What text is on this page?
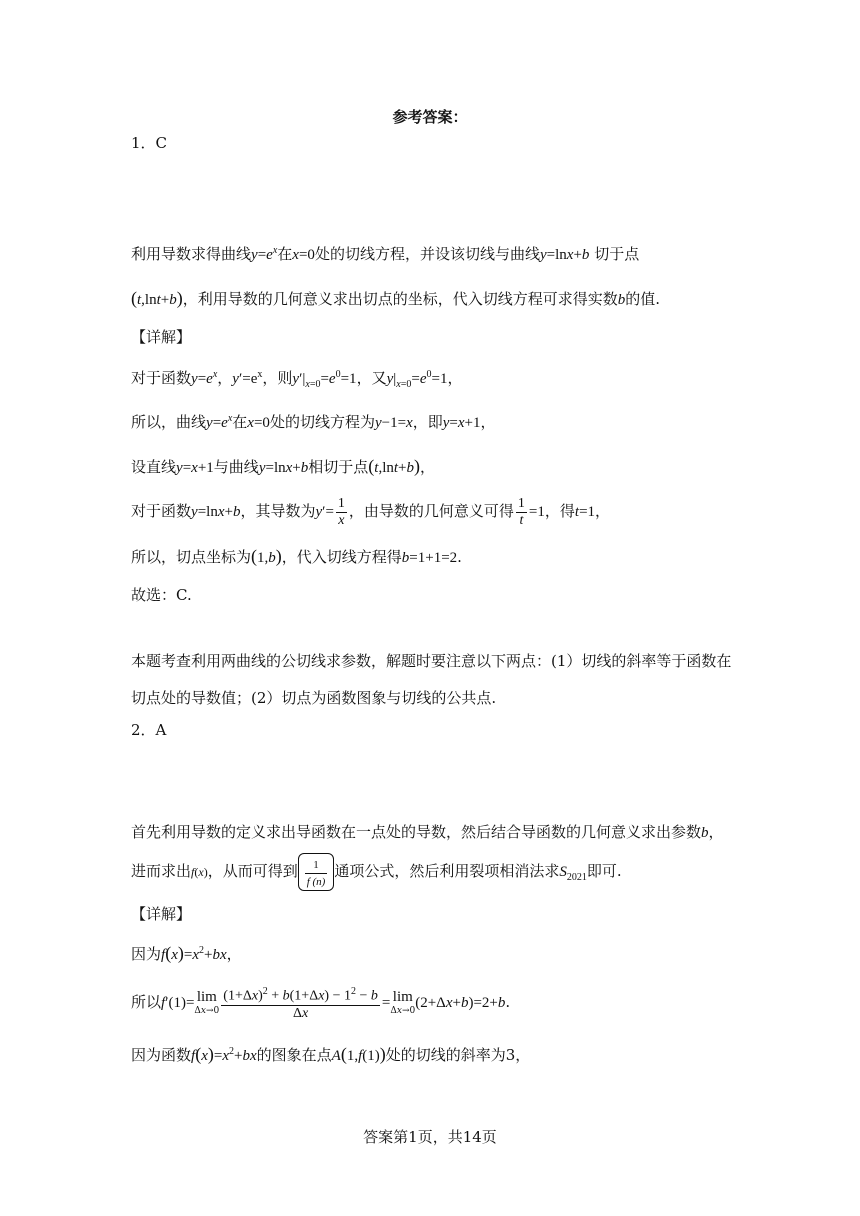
参考答案：
1．C
利用导数求得曲线$y=e^x$在x=0处的切线方程，并设该切线与曲线y=lnx+b 切于点
(t,lnt+b)，利用导数的几何意义求出切点的坐标，代入切线方程可求得实数b的值.
【详解】
对于函数$y=e^x$，$y'=e^x$，则$y'|_{x=0}=e^0=1$，又$y|_{x=0}=e^0=1$，
所以，曲线$y=e^x$在x=0处的切线方程为y−1=x，即y=x+1，
设直线y=x+1与曲线y=lnx+b相切于点(t,lnt+b)，
对于函数y=lnx+b，其导数为$y'= \frac{1}{x}$ ，由导数的几何意义可得 $\frac{1}{t} =1$，得t=1，
所以，切点坐标为(1,b)，代入切线方程得b=1+1=2.
故选：C.
本题考查利用两曲线的公切线求参数，解题时要注意以下两点：(1）切线的斜率等于函数在
切点处的导数值；(2）切点为函数图象与切线的公共点.
2．A
首先利用导数的定义求出导函数在一点处的导数，然后结合导函数的几何意义求出参数b，
进而求出f(x)，从而可得到 $\frac{1}{f (n)}$ 通项公式，然后利用裂项相消法求$S_{2021}$即可.
【详解】
因为$f(x)=x^2+bx$，
所以f′(1)= lim
$\Delta x\to 0 \frac{(1+\Delta x)^2 + b(1+\Delta x) - 1^2 - b}{\Delta x} = \lim$
Δx→0 (2+Δx+b)=2+b.
因为函数$f(x)=x^2+bx$的图象在点A(1,f(1))处的切线的斜率为3，
答案第1页，共14页
